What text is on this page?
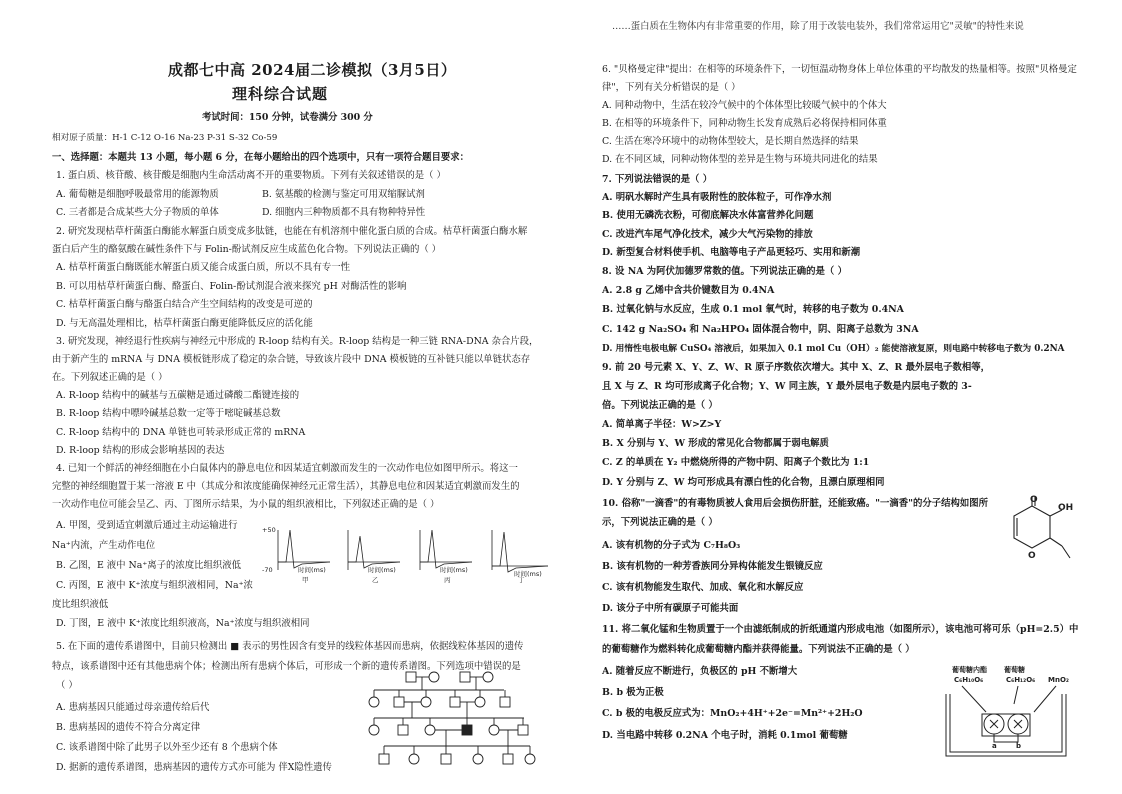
……蛋白质在生物体内有非常重要的作用，除了用于改装电装外，我们常常运用它"灵敏"的特性来说
成都七中高 2024届二诊模拟（3月5日）
理科综合试题
考试时间：150 分钟，试卷满分 300 分
相对原子质量：H-1 C-12 O-16 Na-23 P-31 S-32 Co-59
一、选择题：本题共 13 小题，每小题 6 分，在每小题给出的四个选项中，只有一项符合题目要求：
1. 蛋白质、核苷酸、核苷酸是细胞内生命活动离不开的重要物质。下列有关叙述错误的是（ ）
A. 葡萄糖是细胞呼吸最常用的能源物质	B. 氨基酸的检测与鉴定可用双缩脲试剂
C. 三者都是合成某些大分子物质的单体	D. 细胞内三种物质都不具有物种特异性
2. 研究发现枯草杆菌蛋白酶能水解蛋白质变成多肽链，也能在有机溶剂中催化蛋白质的合成。枯草杆菌蛋白酶水解
蛋白后产生的酪氨酸在碱性条件下与 Folin-酚试剂反应生成蓝色化合物。下列说法正确的（ ）
A. 枯草杆菌蛋白酶既能水解蛋白质又能合成蛋白质，所以不具有专一性
B. 可以用枯草杆菌蛋白酶、酪蛋白、Folin-酚试剂混合液来探究 pH 对酶活性的影响
C. 枯草杆菌蛋白酶与酪蛋白结合产生空间结构的改变是可逆的
D. 与无高温处理相比，枯草杆菌蛋白酶更能降低反应的活化能
3. 研究发现，神经退行性疾病与神经元中形成的 R-loop 结构有关。R-loop 结构是一种三链 RNA-DNA 杂合片段，
由于新产生的 mRNA 与 DNA 模板链形成了稳定的杂合链，导致该片段中 DNA 模板链的互补链只能以单链状态存
在。下列叙述正确的是（ ）
A. R-loop 结构中的碱基与五碳糖是通过磷酸二酯键连接的
B. R-loop 结构中嘌呤碱基总数一定等于嘧啶碱基总数
C. R-loop 结构中的 DNA 单链也可转录形成正常的 mRNA
D. R-loop 结构的形成会影响基因的表达
4. 已知一个鲜活的神经细胞在小白鼠体内的静息电位和因某适宜刺激而发生的一次动作电位如图甲所示。将这一
完整的神经细胞置于某一溶液 E 中（其成分和浓度能确保神经元正常生活），其静息电位和因某适宜刺激而发生的
一次动作电位可能会呈乙、丙、丁图所示结果，为小鼠的组织液相比，下列叙述正确的是（ ）
A. 甲图，受到适宜刺激后通过主动运输进行
Na⁺内流，产生动作电位
B. 乙图，E 液中 Na⁺离子的浓度比组织液低
C. 丙图，E 液中 K⁺浓度与组织液相同，Na⁺浓
度比组织液低
D. 丁图，E 液中 K⁺浓度比组织液高，Na⁺浓度与组织液相同
5. 在下面的遗传系谱图中，目前只检测出 ■ 表示的男性因含有变异的线粒体基因而患病，依据线粒体基因的遗传
特点，该系谱图中还有其他患病个体；检测出所有患病个体后，可形成一个新的遗传系谱图。下列选项中错误的是
（ ）
A. 患病基因只能通过母亲遗传给后代
B. 患病基因的遗传不符合分离定律
C. 该系谱图中除了此男子以外至少还有 8 个患病个体
D. 据新的遗传系谱图，患病基因的遗传方式亦可能为 伴X隐性遗传
+50
-70	时间(ms)	时间(ms)	时间(ms)	时间(ms)
甲	乙	丙	丁
6. "贝格曼定律"提出：在相等的环境条件下，一切恒温动物身体上单位体重的平均散发的热量相等。按照"贝格曼定
律"，下列有关分析错误的是（ ）
A. 同种动物中，生活在较冷气候中的个体体型比较暖气候中的个体大
B. 在相等的环境条件下，同种动物生长发育成熟后必将保持相同体重
C. 生活在寒冷环境中的动物体型较大，是长期自然选择的结果
D. 在不同区域，同种动物体型的差异是生物与环境共同进化的结果
7. 下列说法错误的是（ ）
A. 明矾水解时产生具有吸附性的胶体粒子，可作净水剂
B. 使用无磷洗衣粉，可彻底解决水体富营养化问题
C. 改进汽车尾气净化技术，减少大气污染物的排放
D. 新型复合材料使手机、电脑等电子产品更轻巧、实用和新潮
8. 设 NA 为阿伏加德罗常数的值。下列说法正确的是（ ）
A. 2.8 g 乙烯中含共价键数目为 0.4NA
B. 过氧化钠与水反应，生成 0.1 mol 氧气时，转移的电子数为 0.4NA
C. 142 g Na₂SO₄ 和 Na₂HPO₄ 固体混合物中，阴、阳离子总数为 3NA
D. 用惰性电极电解 CuSO₄ 溶液后，如果加入 0.1 mol Cu（OH）₂ 能使溶液复原，则电路中转移电子数为 0.2NA
9. 前 20 号元素 X、Y、Z、W、R 原子序数依次增大。其中 X、Z、R 最外层电子数相等，
且 X 与 Z、R 均可形成离子化合物；Y、W 同主族，Y 最外层电子数是内层电子数的 3-
倍。下列说法正确的是（ ）
A. 简单离子半径：W>Z>Y
B. X 分别与 Y、W 形成的常见化合物都属于弱电解质
C. Z 的单质在 Y₂ 中燃烧所得的产物中阴、阳离子个数比为 1:1
D. Y 分别与 Z、W 均可形成具有漂白性的化合物，且漂白原理相同
10. 俗称"一滴香"的有毒物质被人食用后会损伤肝脏，还能致癌。"一滴香"的分子结构如图所
示，下列说法正确的是（ ）
A. 该有机物的分子式为 C₇H₈O₃
B. 该有机物的一种芳香族同分异构体能发生银镜反应
C. 该有机物能发生取代、加成、氧化和水解反应
D. 该分子中所有碳原子可能共面
O
O
OH
11. 将二氧化锰和生物质置于一个由滤纸制成的折纸通道内形成电池（如图所示），该电池可将可乐（pH=2.5）中
的葡萄糖作为燃料转化成葡萄糖内酯并获得能量。下列说法不正确的是（ ）
A. 随着反应不断进行，负极区的 pH 不断增大
B. b 极为正极
C. b 极的电极反应式为：MnO₂+4H⁺+2e⁻=Mn²⁺+2H₂O
D. 当电路中转移 0.2NA 个电子时，消耗 0.1mol 葡萄糖
葡萄糖内酯
C₆H₁₀O₆
葡萄糖
C₆H₁₂O₆ MnO₂
a	b
